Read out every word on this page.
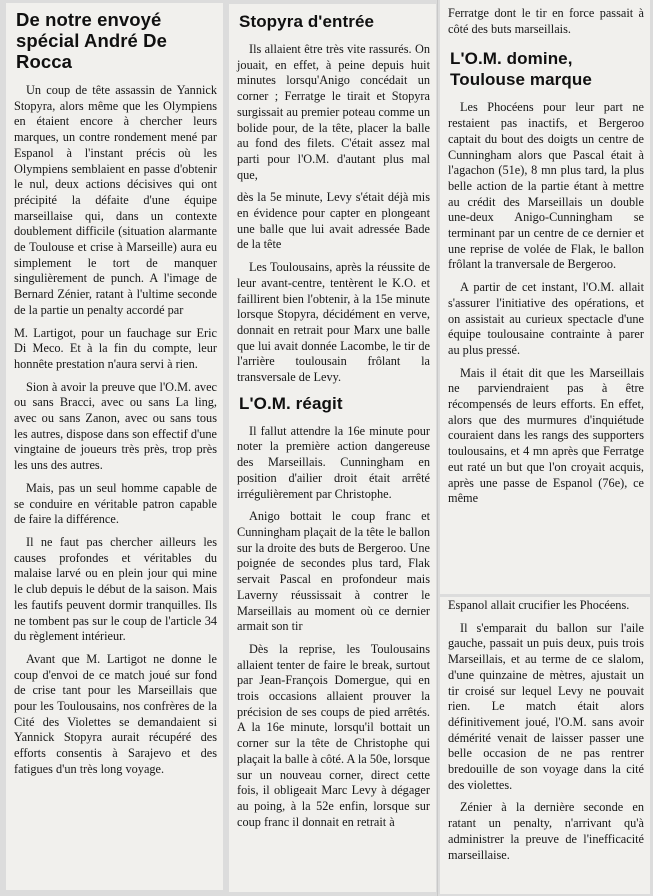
De notre envoyé spécial André De Rocca

Un coup de tête assassin de Yannick Stopyra, alors même que les Olympiens en étaient encore à chercher leurs marques, un contre rondement mené par Espanol à l'instant précis où les Olympiens semblaient en passe d'obtenir le nul, deux actions décisives qui ont précipité la défaite d'une équipe marseillaise qui, dans un contexte doublement difficile (situation alarmante de Toulouse et crise à Marseille) aura eu simplement le tort de manquer singulièrement de punch. A l'image de Bernard Zénier, ratant à l'ultime seconde de la partie un penalty accordé par

M. Lartigot, pour un fauchage sur Eric Di Meco. Et à la fin du compte, leur honnête prestation n'aura servi à rien.

Sion à avoir la preuve que l'O.M. avec ou sans Bracci, avec ou sans La ling, avec ou sans Zanon, avec ou sans tous les autres, dispose dans son effectif d'une vingtaine de joueurs très près, trop près les uns des autres.

Mais, pas un seul homme capable de se conduire en véritable patron capable de faire la différence.

Il ne faut pas chercher ailleurs les causes profondes et véritables du malaise larvé ou en plein jour qui mine le club depuis le début de la saison. Mais les fautifs peuvent dormir tranquilles. Ils ne tombent pas sur le coup de l'article 34 du règlement intérieur.

Avant que M. Lartigot ne donne le coup d'envoi de ce match joué sur fond de crise tant pour les Marseillais que pour les Toulousains, nos confrères de la Cité des Violettes se demandaient si Yannick Stopyra aurait récupéré des efforts consentis à Sarajevo et des fatigues d'un très long voyage.

Stopyra d'entrée

Ils allaient être très vite rassurés. On jouait, en effet, à peine depuis huit minutes lorsqu'Anigo concédait un corner ; Ferratge le tirait et Stopyra surgissait au premier poteau comme un bolide pour, de la tête, placer la balle au fond des filets. C'était assez mal parti pour l'O.M. d'autant plus mal que,

dès la 5e minute, Levy s'était déjà mis en évidence pour capter en plongeant une balle que lui avait adressée Bade de la tête

Les Toulousains, après la réussite de leur avant-centre, tentèrent le K.O. et faillirent bien l'obtenir, à la 15e minute lorsque Stopyra, décidément en verve, donnait en retrait pour Marx une balle que lui avait donnée Lacombe, le tir de l'arrière toulousain frôlant la transversale de Levy.

L'O.M. réagit

Il fallut attendre la 16e minute pour noter la première action dangereuse des Marseillais. Cunningham en position d'ailier droit était arrêté irrégulièrement par Christophe.

Anigo bottait le coup franc et Cunningham plaçait de la tête le ballon sur la droite des buts de Bergeroo. Une poignée de secondes plus tard, Flak servait Pascal en profondeur mais Laverny réussissait à contrer le Marseillais au moment où ce dernier armait son tir

Dès la reprise, les Toulousains allaient tenter de faire le break, surtout par Jean-François Domergue, qui en trois occasions allaient prouver la précision de ses coups de pied arrêtés. A la 16e minute, lorsqu'il bottait un corner sur la tête de Christophe qui plaçait la balle à côté. A la 50e, lorsque sur un nouveau corner, direct cette fois, il obligeait Marc Levy à dégager au poing, à la 52e enfin, lorsque sur coup franc il donnait en retrait à

Ferratge dont le tir en force passait à côté des buts marseillais.

L'O.M. domine, Toulouse marque

Les Phocéens pour leur part ne restaient pas inactifs, et Bergeroo captait du bout des doigts un centre de Cunningham alors que Pascal était à l'agachon (51e), 8 mn plus tard, la plus belle action de la partie étant à mettre au crédit des Marseillais un double une-deux Anigo-Cunningham se terminant par un centre de ce dernier et une reprise de volée de Flak, le ballon frôlant la tranversale de Bergeroo.

A partir de cet instant, l'O.M. allait s'assurer l'initiative des opérations, et on assistait au curieux spectacle d'une équipe toulousaine contrainte à parer au plus pressé.

Mais il était dit que les Marseillais ne parviendraient pas à être récompensés de leurs efforts. En effet, alors que des murmures d'inquiétude couraient dans les rangs des supporters toulousains, et 4 mn après que Ferratge eut raté un but que l'on croyait acquis, après une passe de Espanol (76e), ce même

Espanol allait crucifier les Phocéens.

Il s'emparait du ballon sur l'aile gauche, passait un puis deux, puis trois Marseillais, et au terme de ce slalom, d'une quinzaine de mètres, ajustait un tir croisé sur lequel Levy ne pouvait rien. Le match était alors définitivement joué, l'O.M. sans avoir démérité venait de laisser passer une belle occasion de ne pas rentrer bredouille de son voyage dans la cité des violettes.

Zénier à la dernière seconde en ratant un penalty, n'arrivant qu'à administrer la preuve de l'inefficacité marseillaise.
